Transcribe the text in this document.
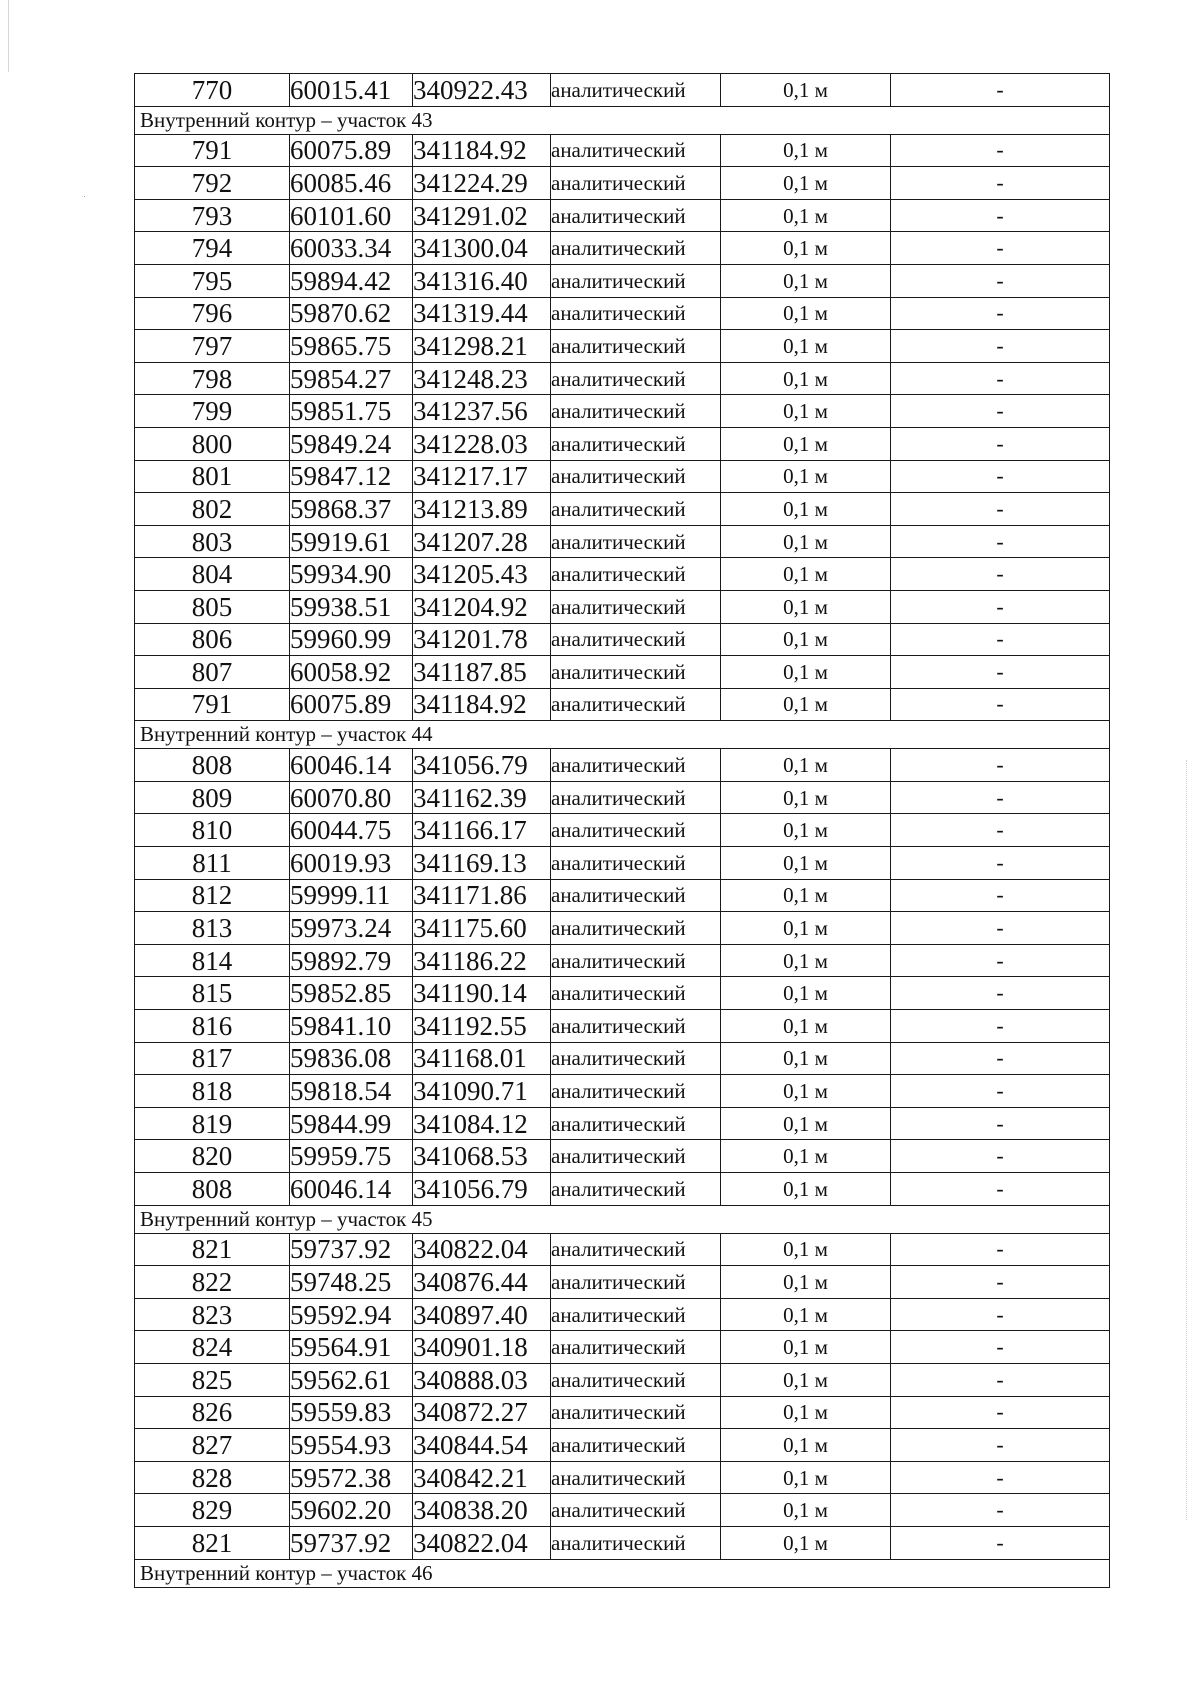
770	60015.41	340922.43	аналитический	0,1 м	-
Внутренний контур – участок 43					
791	60075.89	341184.92	аналитический	0,1 м	-
792	60085.46	341224.29	аналитический	0,1 м	-
793	60101.60	341291.02	аналитический	0,1 м	-
794	60033.34	341300.04	аналитический	0,1 м	-
795	59894.42	341316.40	аналитический	0,1 м	-
796	59870.62	341319.44	аналитический	0,1 м	-
797	59865.75	341298.21	аналитический	0,1 м	-
798	59854.27	341248.23	аналитический	0,1 м	-
799	59851.75	341237.56	аналитический	0,1 м	-
800	59849.24	341228.03	аналитический	0,1 м	-
801	59847.12	341217.17	аналитический	0,1 м	-
802	59868.37	341213.89	аналитический	0,1 м	-
803	59919.61	341207.28	аналитический	0,1 м	-
804	59934.90	341205.43	аналитический	0,1 м	-
805	59938.51	341204.92	аналитический	0,1 м	-
806	59960.99	341201.78	аналитический	0,1 м	-
807	60058.92	341187.85	аналитический	0,1 м	-
791	60075.89	341184.92	аналитический	0,1 м	-
Внутренний контур – участок 44					
808	60046.14	341056.79	аналитический	0,1 м	-
809	60070.80	341162.39	аналитический	0,1 м	-
810	60044.75	341166.17	аналитический	0,1 м	-
811	60019.93	341169.13	аналитический	0,1 м	-
812	59999.11	341171.86	аналитический	0,1 м	-
813	59973.24	341175.60	аналитический	0,1 м	-
814	59892.79	341186.22	аналитический	0,1 м	-
815	59852.85	341190.14	аналитический	0,1 м	-
816	59841.10	341192.55	аналитический	0,1 м	-
817	59836.08	341168.01	аналитический	0,1 м	-
818	59818.54	341090.71	аналитический	0,1 м	-
819	59844.99	341084.12	аналитический	0,1 м	-
820	59959.75	341068.53	аналитический	0,1 м	-
808	60046.14	341056.79	аналитический	0,1 м	-
Внутренний контур – участок 45					
821	59737.92	340822.04	аналитический	0,1 м	-
822	59748.25	340876.44	аналитический	0,1 м	-
823	59592.94	340897.40	аналитический	0,1 м	-
824	59564.91	340901.18	аналитический	0,1 м	-
825	59562.61	340888.03	аналитический	0,1 м	-
826	59559.83	340872.27	аналитический	0,1 м	-
827	59554.93	340844.54	аналитический	0,1 м	-
828	59572.38	340842.21	аналитический	0,1 м	-
829	59602.20	340838.20	аналитический	0,1 м	-
821	59737.92	340822.04	аналитический	0,1 м	-
Внутренний контур – участок 46					
